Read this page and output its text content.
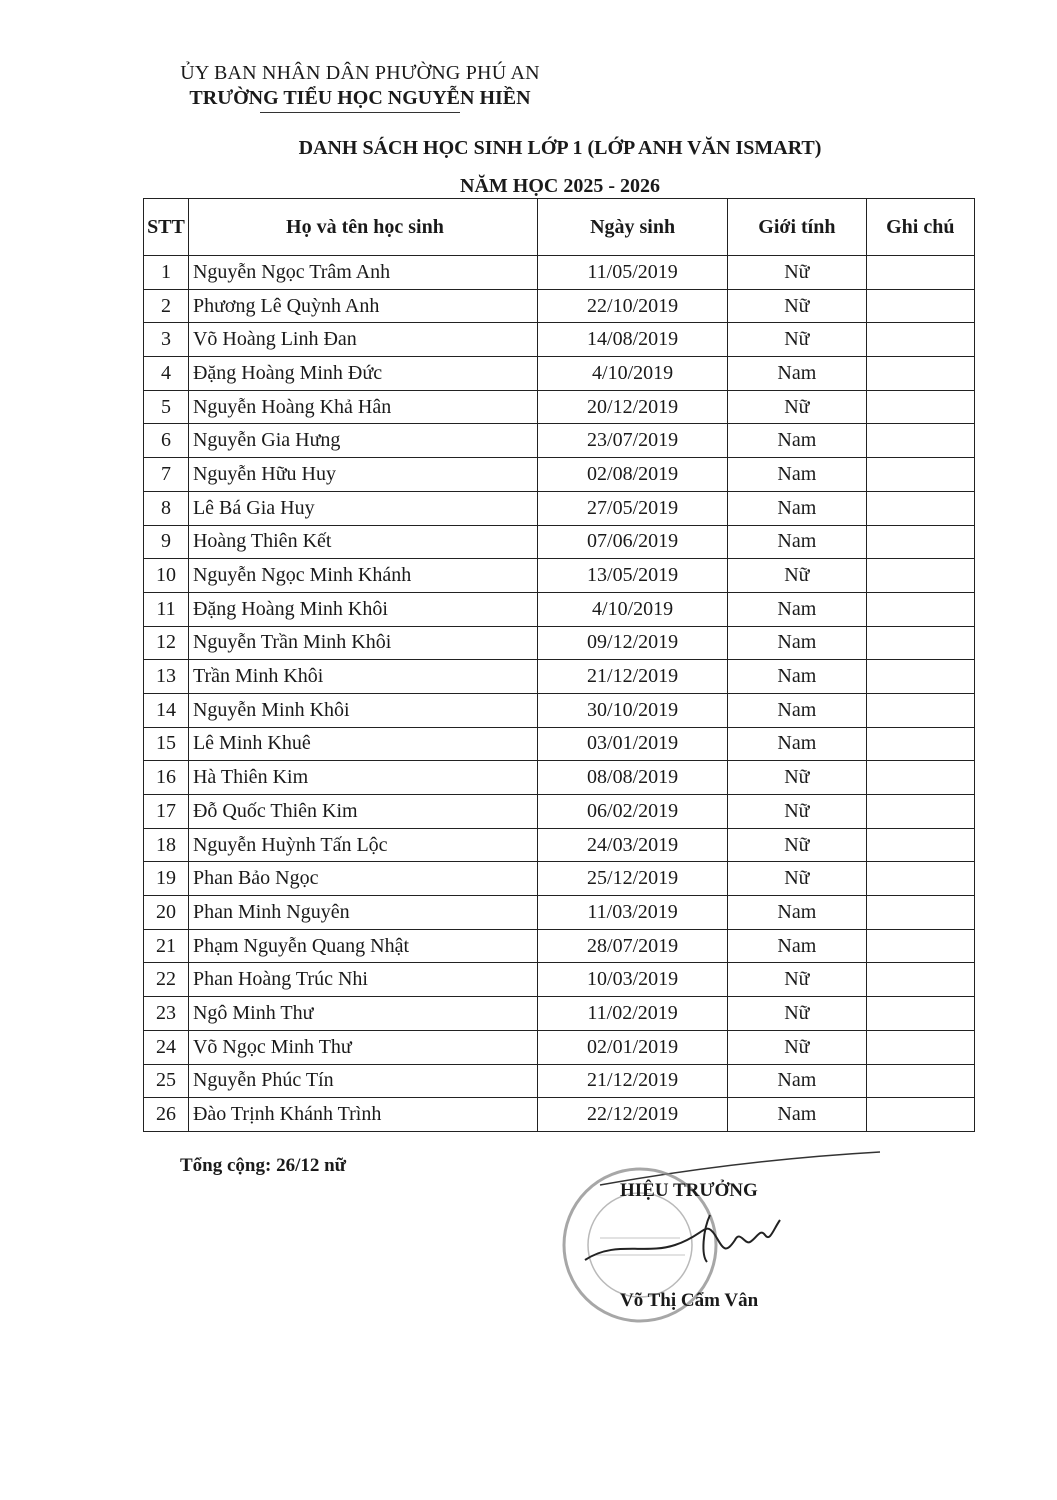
ỦY BAN NHÂN DÂN PHƯỜNG PHÚ AN
TRƯỜNG TIỂU HỌC NGUYỄN HIỀN
DANH SÁCH HỌC SINH LỚP 1 (LỚP ANH VĂN ISMART)
NĂM HỌC 2025 - 2026
STT	Họ và tên học sinh	Ngày sinh	Giới tính	Ghi chú
1	Nguyễn Ngọc Trâm Anh	11/05/2019	Nữ	
2	Phương Lê Quỳnh Anh	22/10/2019	Nữ	
3	Võ Hoàng Linh Đan	14/08/2019	Nữ	
4	Đặng Hoàng Minh Đức	4/10/2019	Nam	
5	Nguyễn Hoàng Khả Hân	20/12/2019	Nữ	
6	Nguyễn Gia Hưng	23/07/2019	Nam	
7	Nguyễn Hữu Huy	02/08/2019	Nam	
8	Lê Bá Gia Huy	27/05/2019	Nam	
9	Hoàng Thiên Kết	07/06/2019	Nam	
10	Nguyễn Ngọc Minh Khánh	13/05/2019	Nữ	
11	Đặng Hoàng Minh Khôi	4/10/2019	Nam	
12	Nguyễn Trần Minh Khôi	09/12/2019	Nam	
13	Trần Minh Khôi	21/12/2019	Nam	
14	Nguyễn Minh Khôi	30/10/2019	Nam	
15	Lê Minh Khuê	03/01/2019	Nam	
16	Hà Thiên Kim	08/08/2019	Nữ	
17	Đỗ Quốc Thiên Kim	06/02/2019	Nữ	
18	Nguyễn Huỳnh Tấn Lộc	24/03/2019	Nữ	
19	Phan Bảo Ngọc	25/12/2019	Nữ	
20	Phan Minh Nguyên	11/03/2019	Nam	
21	Phạm Nguyễn Quang Nhật	28/07/2019	Nam	
22	Phan Hoàng Trúc Nhi	10/03/2019	Nữ	
23	Ngô Minh Thư	11/02/2019	Nữ	
24	Võ Ngọc Minh Thư	02/01/2019	Nữ	
25	Nguyễn Phúc Tín	21/12/2019	Nam	
26	Đào Trịnh Khánh Trình	22/12/2019	Nam	
Tổng cộng: 26/12 nữ
HIỆU TRƯỞNG
Võ Thị Cẩm Vân
